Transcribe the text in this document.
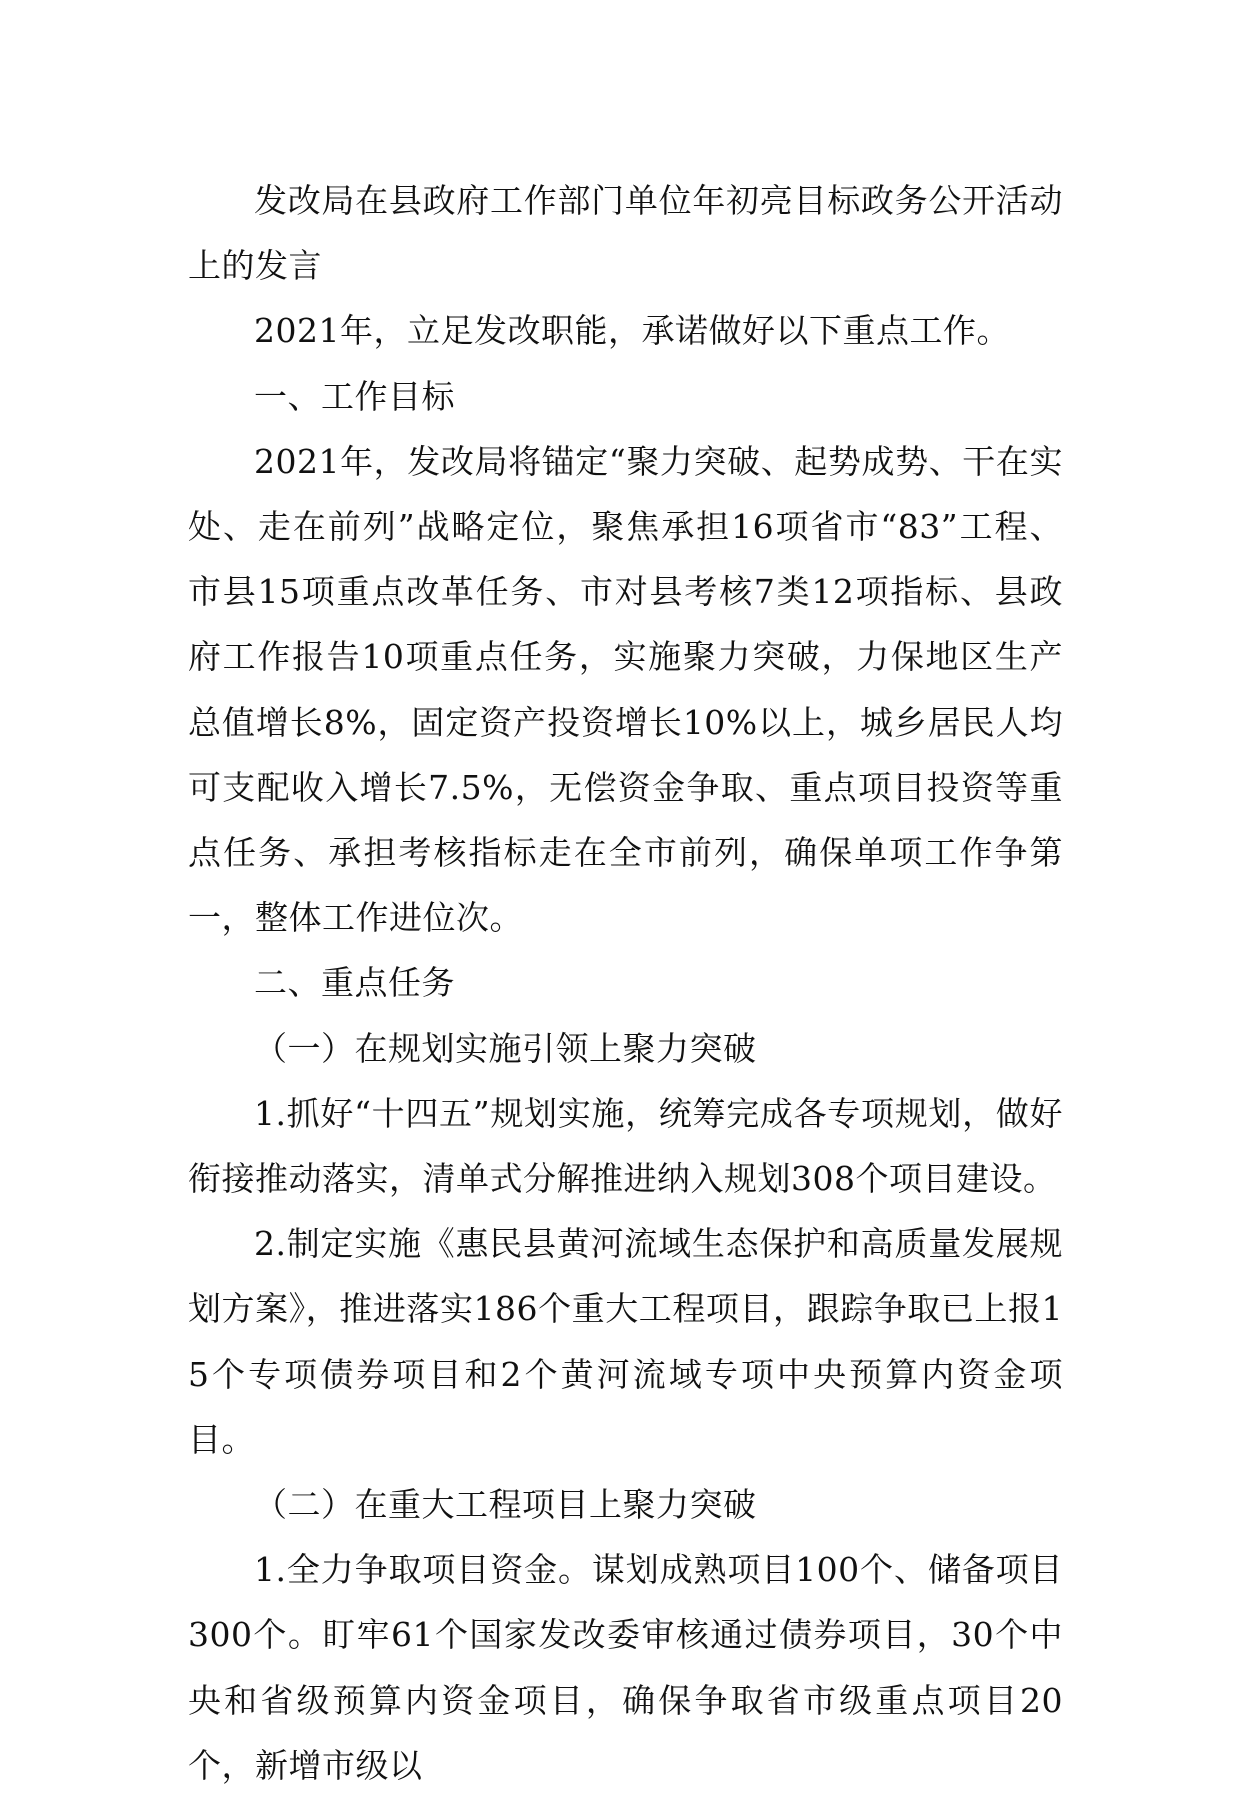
发改局在县政府工作部门单位年初亮目标政务公开活动上的发言

2021年，立足发改职能，承诺做好以下重点工作。

一、工作目标

2021年，发改局将锚定“聚力突破、起势成势、干在实处、走在前列”战略定位，聚焦承担16项省市“83”工程、市县15项重点改革任务、市对县考核7类12项指标、县政府工作报告10项重点任务，实施聚力突破，力保地区生产总值增长8%，固定资产投资增长10%以上，城乡居民人均可支配收入增长7.5%，无偿资金争取、重点项目投资等重点任务、承担考核指标走在全市前列，确保单项工作争第一，整体工作进位次。

二、重点任务

（一）在规划实施引领上聚力突破

1.抓好“十四五”规划实施，统筹完成各专项规划，做好衔接推动落实，清单式分解推进纳入规划308个项目建设。

2.制定实施《惠民县黄河流域生态保护和高质量发展规划方案》，推进落实186个重大工程项目，跟踪争取已上报15个专项债券项目和2个黄河流域专项中央预算内资金项目。

（二）在重大工程项目上聚力突破

1.全力争取项目资金。谋划成熟项目100个、储备项目300个。盯牢61个国家发改委审核通过债券项目，30个中央和省级预算内资金项目，确保争取省市级重点项目20个，新增市级以
